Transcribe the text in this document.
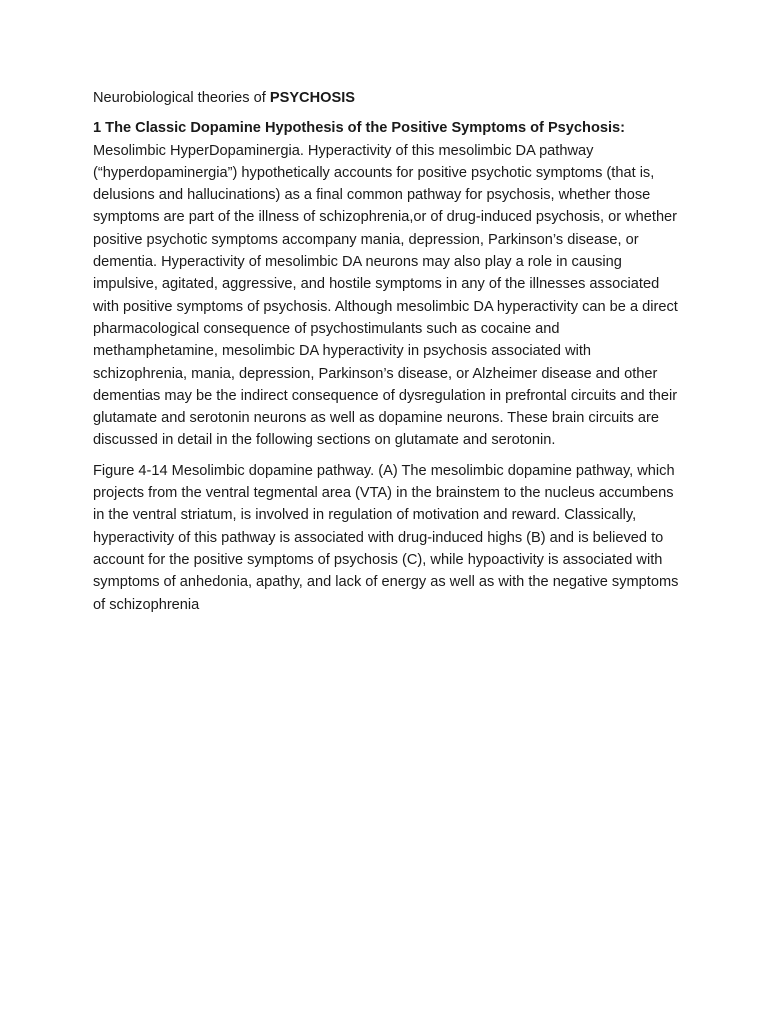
Neurobiological theories of PSYCHOSIS

1 The Classic Dopamine Hypothesis of the Positive Symptoms of Psychosis:
Mesolimbic HyperDopaminergia. Hyperactivity of this mesolimbic DA pathway (“hyperdopaminergia”) hypothetically accounts for positive psychotic symptoms (that is, delusions and hallucinations) as a final common pathway for psychosis, whether those symptoms are part of the illness of schizophrenia,or of drug-induced psychosis, or whether positive psychotic symptoms accompany mania, depression, Parkinson’s disease, or dementia. Hyperactivity of mesolimbic DA neurons may also play a role in causing impulsive, agitated, aggressive, and hostile symptoms in any of the illnesses associated with positive symptoms of psychosis. Although mesolimbic DA hyperactivity can be a direct pharmacological consequence of psychostimulants such as cocaine and methamphetamine, mesolimbic DA hyperactivity in psychosis associated with schizophrenia, mania, depression, Parkinson’s disease, or Alzheimer disease and other dementias may be the indirect consequence of dysregulation in prefrontal circuits and their glutamate and serotonin neurons as well as dopamine neurons. These brain circuits are discussed in detail in the following sections on glutamate and serotonin.

Figure 4-14 Mesolimbic dopamine pathway. (A) The mesolimbic dopamine pathway, which projects from the ventral tegmental area (VTA) in the brainstem to the nucleus accumbens in the ventral striatum, is involved in regulation of motivation and reward. Classically, hyperactivity of this pathway is associated with drug-induced highs (B) and is believed to account for the positive symptoms of psychosis (C), while hypoactivity is associated with symptoms of anhedonia, apathy, and lack of energy as well as with the negative symptoms of schizophrenia
